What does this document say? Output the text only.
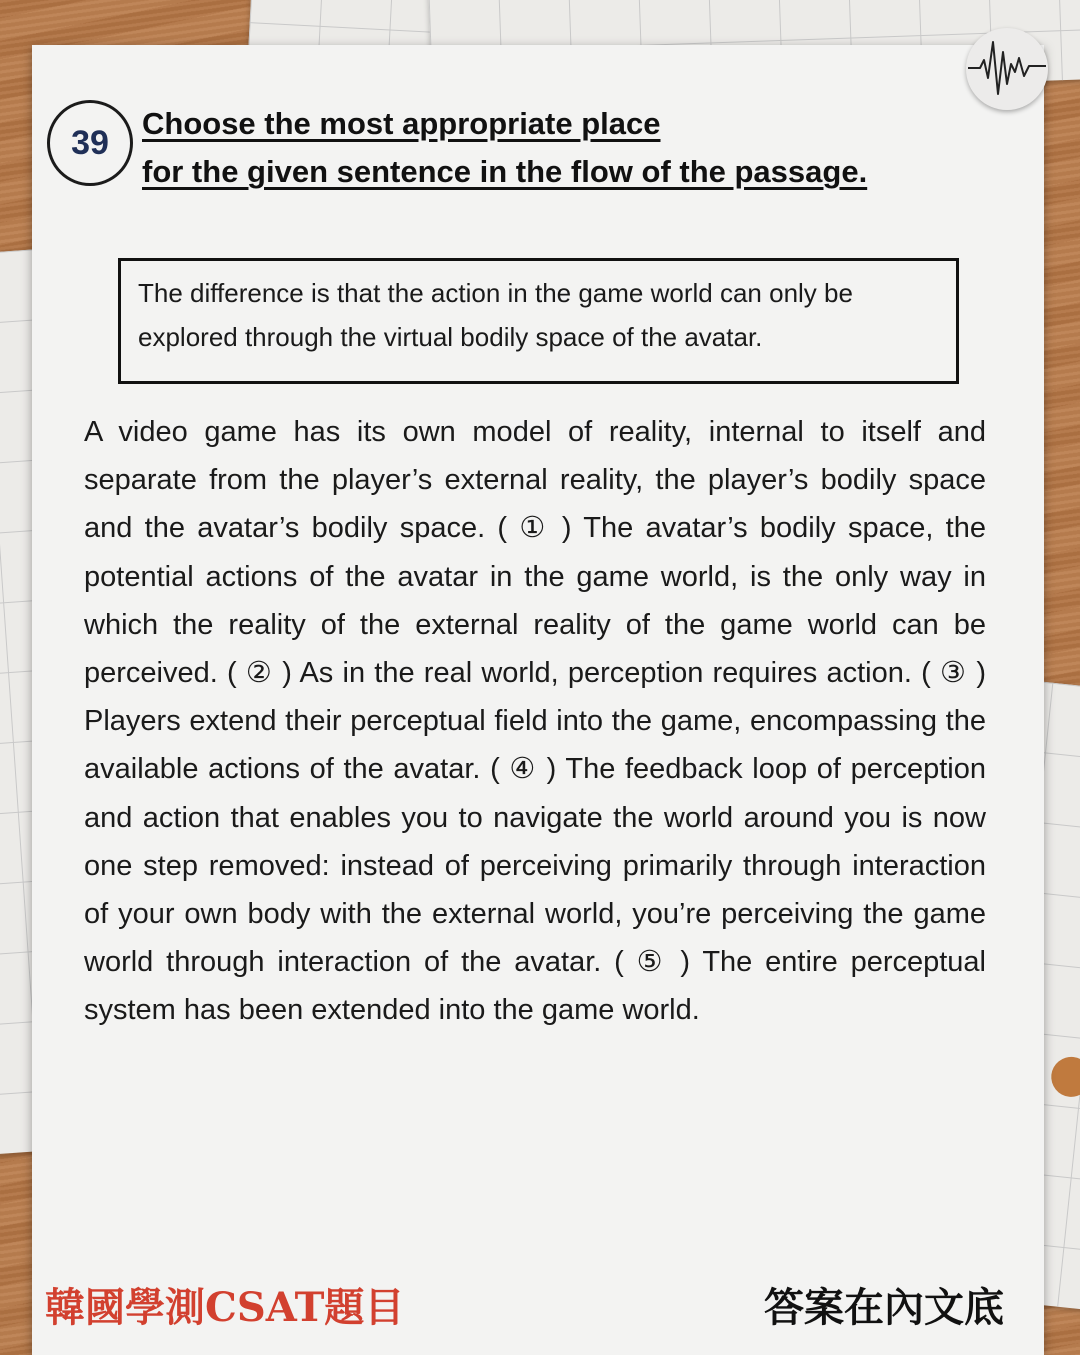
39 Choose the most appropriate place
for the given sentence in the flow of the passage.
The difference is that the action in the game world can only be explored through the virtual bodily space of the avatar.
A video game has its own model of reality, internal to itself and separate from the player’s external reality, the player’s bodily space and the avatar’s bodily space. ( ① ) The avatar’s bodily space, the potential actions of the avatar in the game world, is the only way in which the reality of the external reality of the game world can be perceived. ( ② ) As in the real world, perception requires action. ( ③ ) Players extend their perceptual field into the game, encompassing the available actions of the avatar. ( ④ ) The feedback loop of perception and action that enables you to navigate the world around you is now one step removed: instead of perceiving primarily through interaction of your own body with the external world, you’re perceiving the game world through interaction of the avatar. ( ⑤ ) The entire perceptual system has been extended into the game world.
韓國學測CSAT題目	答案在內文底
